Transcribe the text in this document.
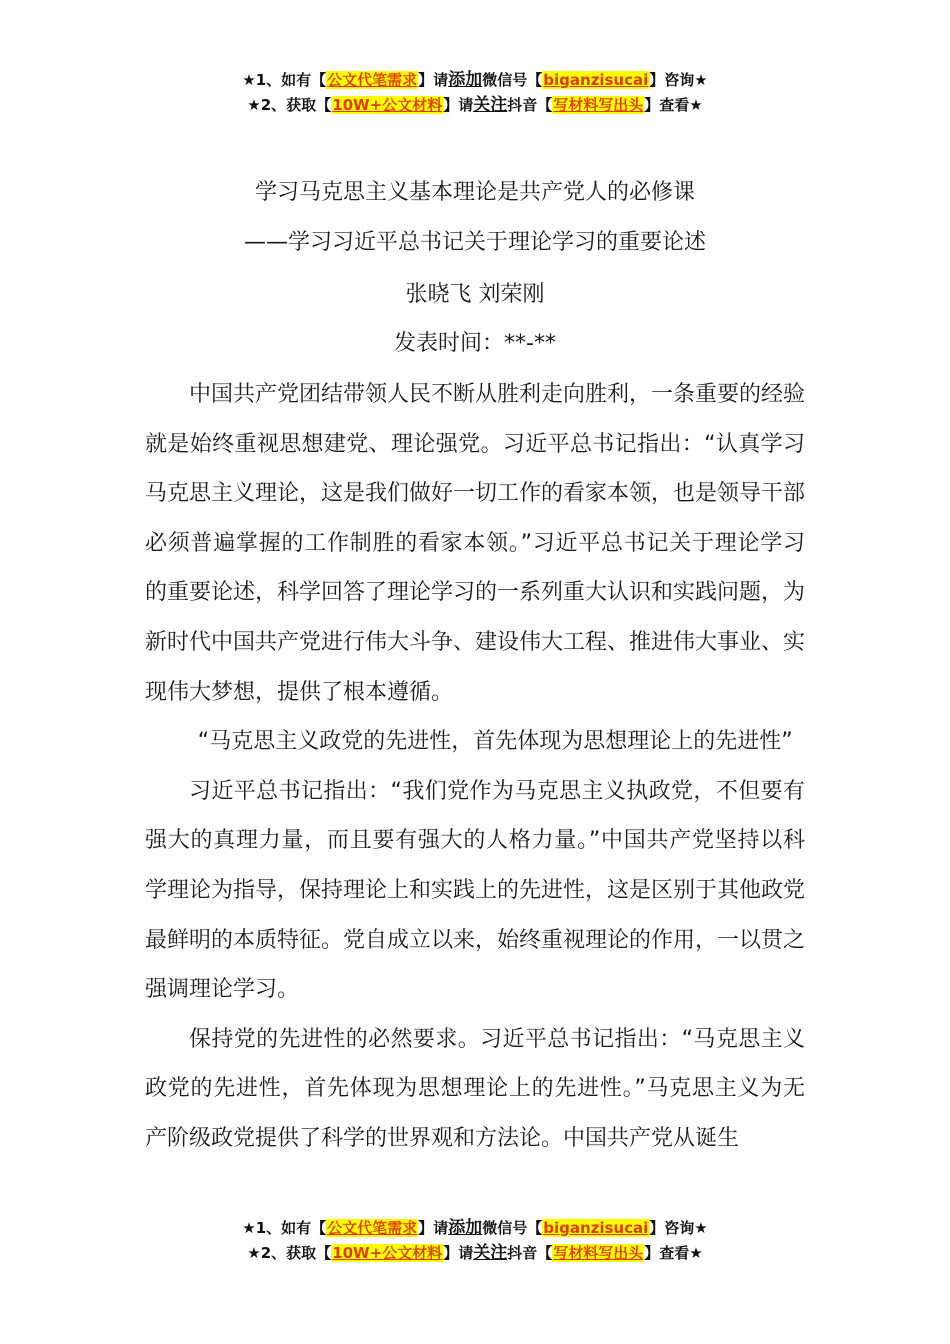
★1、如有【公文代笔需求】请添加微信号【biganzisucai】咨询★
★2、获取【10W+公文材料】请关注抖音【写材料写出头】查看★
学习马克思主义基本理论是共产党人的必修课
——学习习近平总书记关于理论学习的重要论述
张晓飞 刘荣刚
发表时间：**-**

中国共产党团结带领人民不断从胜利走向胜利，一条重要的经验就是始终重视思想建党、理论强党。习近平总书记指出：“认真学习马克思主义理论，这是我们做好一切工作的看家本领，也是领导干部必须普遍掌握的工作制胜的看家本领。”习近平总书记关于理论学习的重要论述，科学回答了理论学习的一系列重大认识和实践问题，为新时代中国共产党进行伟大斗争、建设伟大工程、推进伟大事业、实现伟大梦想，提供了根本遵循。

“马克思主义政党的先进性，首先体现为思想理论上的先进性”

习近平总书记指出：“我们党作为马克思主义执政党，不但要有强大的真理力量，而且要有强大的人格力量。”中国共产党坚持以科学理论为指导，保持理论上和实践上的先进性，这是区别于其他政党最鲜明的本质特征。党自成立以来，始终重视理论的作用，一以贯之强调理论学习。

保持党的先进性的必然要求。习近平总书记指出：“马克思主义政党的先进性，首先体现为思想理论上的先进性。”马克思主义为无产阶级政党提供了科学的世界观和方法论。中国共产党从诞生

★1、如有【公文代笔需求】请添加微信号【biganzisucai】咨询★
★2、获取【10W+公文材料】请关注抖音【写材料写出头】查看★
